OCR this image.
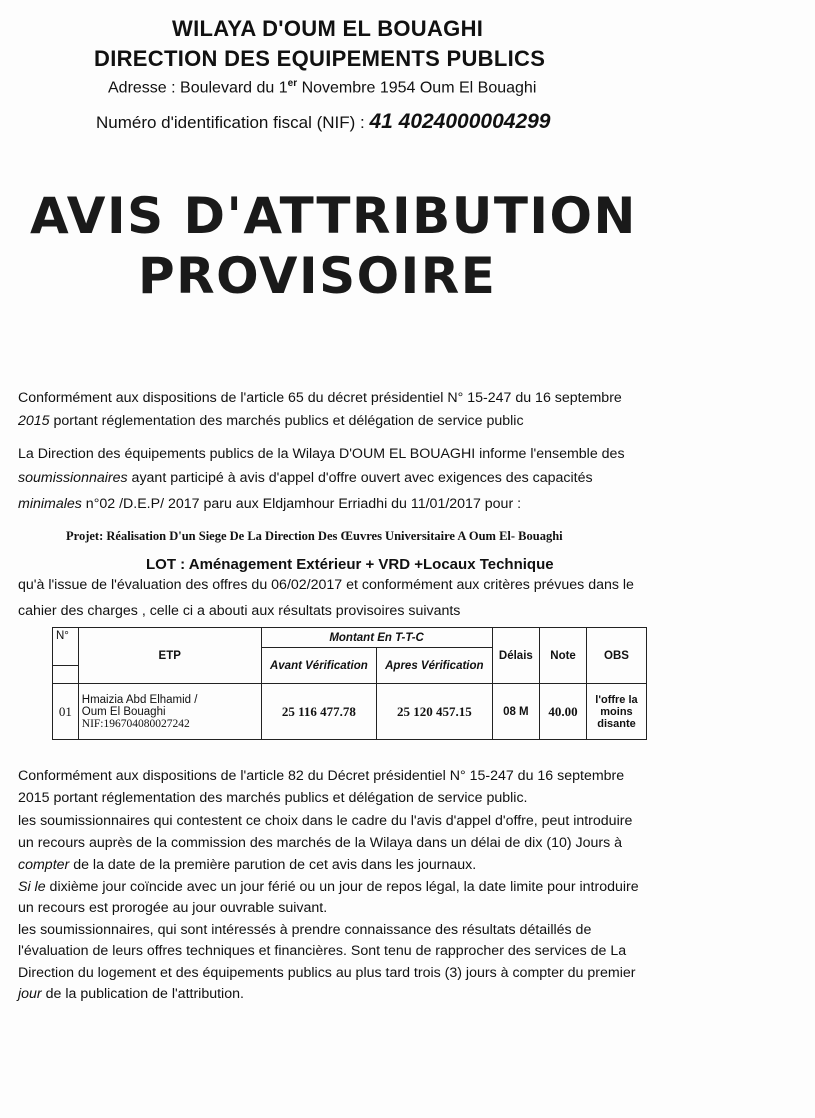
WILAYA D'OUM EL BOUAGHI
DIRECTION DES EQUIPEMENTS PUBLICS
Adresse : Boulevard du 1er Novembre 1954 Oum El Bouaghi
Numéro d'identification fiscal (NIF) : 41 4024000004299
AVIS D'ATTRIBUTION
PROVISOIRE
Conformément aux dispositions de l'article 65 du décret présidentiel N° 15-247 du 16 septembre
2015 portant réglementation des marchés publics et délégation de service public
La Direction des équipements publics de la Wilaya D'OUM EL BOUAGHI informe l'ensemble des
soumissionnaires ayant participé à avis d'appel d'offre ouvert avec exigences des capacités
minimales n°02 /D.E.P/ 2017 paru aux Eldjamhour Erriadhi du 11/01/2017 pour :
Projet: Réalisation D'un Siege De La Direction Des Œuvres Universitaire A Oum El- Bouaghi
LOT : Aménagement Extérieur + VRD +Locaux Technique
qu'à l'issue de l'évaluation des offres du 06/02/2017 et conformément aux critères prévues dans le
cahier des charges , celle ci a abouti aux résultats provisoires suivants
N°	ETP	Montant En T-T-C		Délais	Note	OBS
		Avant Vérification	Apres Vérification			

01	Hmaizia Abd Elhamid /
Oum El Bouaghi
NIF:196704080027242	25 116 477.78	25 120 457.15	08 M	40.00	l'offre la moins disante
Conformément aux dispositions de l'article 82 du Décret présidentiel N° 15-247 du 16 septembre
2015 portant réglementation des marchés publics et délégation de service public.
les soumissionnaires qui contestent ce choix dans le cadre du l'avis d'appel d'offre, peut introduire
un recours auprès de la commission des marchés de la Wilaya dans un délai de dix (10) Jours à
compter de la date de la première parution de cet avis dans les journaux.
Si le dixième jour coïncide avec un jour férié ou un jour de repos légal, la date limite pour introduire
un recours est prorogée au jour ouvrable suivant.
les soumissionnaires, qui sont intéressés à prendre connaissance des résultats détaillés de
l'évaluation de leurs offres techniques et financières. Sont tenu de rapprocher des services de La
Direction du logement et des équipements publics au plus tard trois (3) jours à compter du premier
jour de la publication de l'attribution.
